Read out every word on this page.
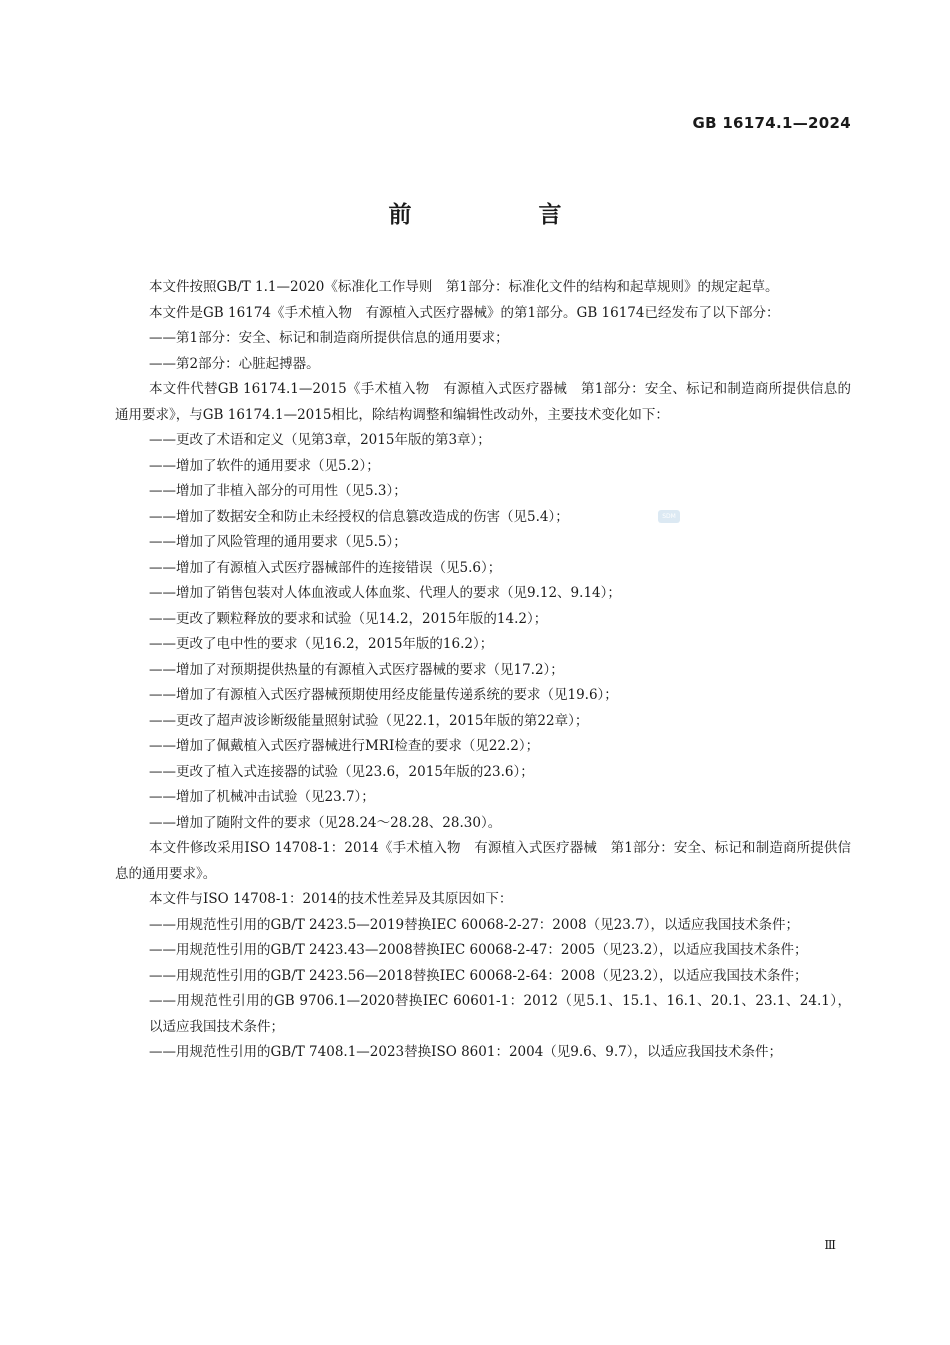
GB 16174.1—2024

前　言
SDM

本文件按照GB/T 1.1—2020《标准化工作导则　第1部分：标准化文件的结构和起草规则》的规定起草。

本文件是GB 16174《手术植入物　有源植入式医疗器械》的第1部分。GB 16174已经发布了以下部分：

——第1部分：安全、标记和制造商所提供信息的通用要求；

——第2部分：心脏起搏器。

本文件代替GB 16174.1—2015《手术植入物　有源植入式医疗器械　第1部分：安全、标记和制造商所提供信息的通用要求》，与GB 16174.1—2015相比，除结构调整和编辑性改动外，主要技术变化如下：

——更改了术语和定义（见第3章，2015年版的第3章）；

——增加了软件的通用要求（见5.2）；

——增加了非植入部分的可用性（见5.3）；

——增加了数据安全和防止未经授权的信息篡改造成的伤害（见5.4）；

——增加了风险管理的通用要求（见5.5）；

——增加了有源植入式医疗器械部件的连接错误（见5.6）；

——增加了销售包装对人体血液或人体血浆、代理人的要求（见9.12、9.14）；

——更改了颗粒释放的要求和试验（见14.2，2015年版的14.2）；

——更改了电中性的要求（见16.2，2015年版的16.2）；

——增加了对预期提供热量的有源植入式医疗器械的要求（见17.2）；

——增加了有源植入式医疗器械预期使用经皮能量传递系统的要求（见19.6）；

——更改了超声波诊断级能量照射试验（见22.1，2015年版的第22章）；

——增加了佩戴植入式医疗器械进行MRI检查的要求（见22.2）；

——更改了植入式连接器的试验（见23.6，2015年版的23.6）；

——增加了机械冲击试验（见23.7）；

——增加了随附文件的要求（见28.24～28.28、28.30）。

本文件修改采用ISO 14708-1：2014《手术植入物　有源植入式医疗器械　第1部分：安全、标记和制造商所提供信息的通用要求》。

本文件与ISO 14708-1：2014的技术性差异及其原因如下：

——用规范性引用的GB/T 2423.5—2019替换IEC 60068-2-27：2008（见23.7），以适应我国技术条件；

——用规范性引用的GB/T 2423.43—2008替换IEC 60068-2-47：2005（见23.2），以适应我国技术条件；

——用规范性引用的GB/T 2423.56—2018替换IEC 60068-2-64：2008（见23.2），以适应我国技术条件；

——用规范性引用的GB 9706.1—2020替换IEC 60601-1：2012（见5.1、15.1、16.1、20.1、23.1、24.1），以适应我国技术条件；

——用规范性引用的GB/T 7408.1—2023替换ISO 8601：2004（见9.6、9.7），以适应我国技术条件；

Ⅲ
